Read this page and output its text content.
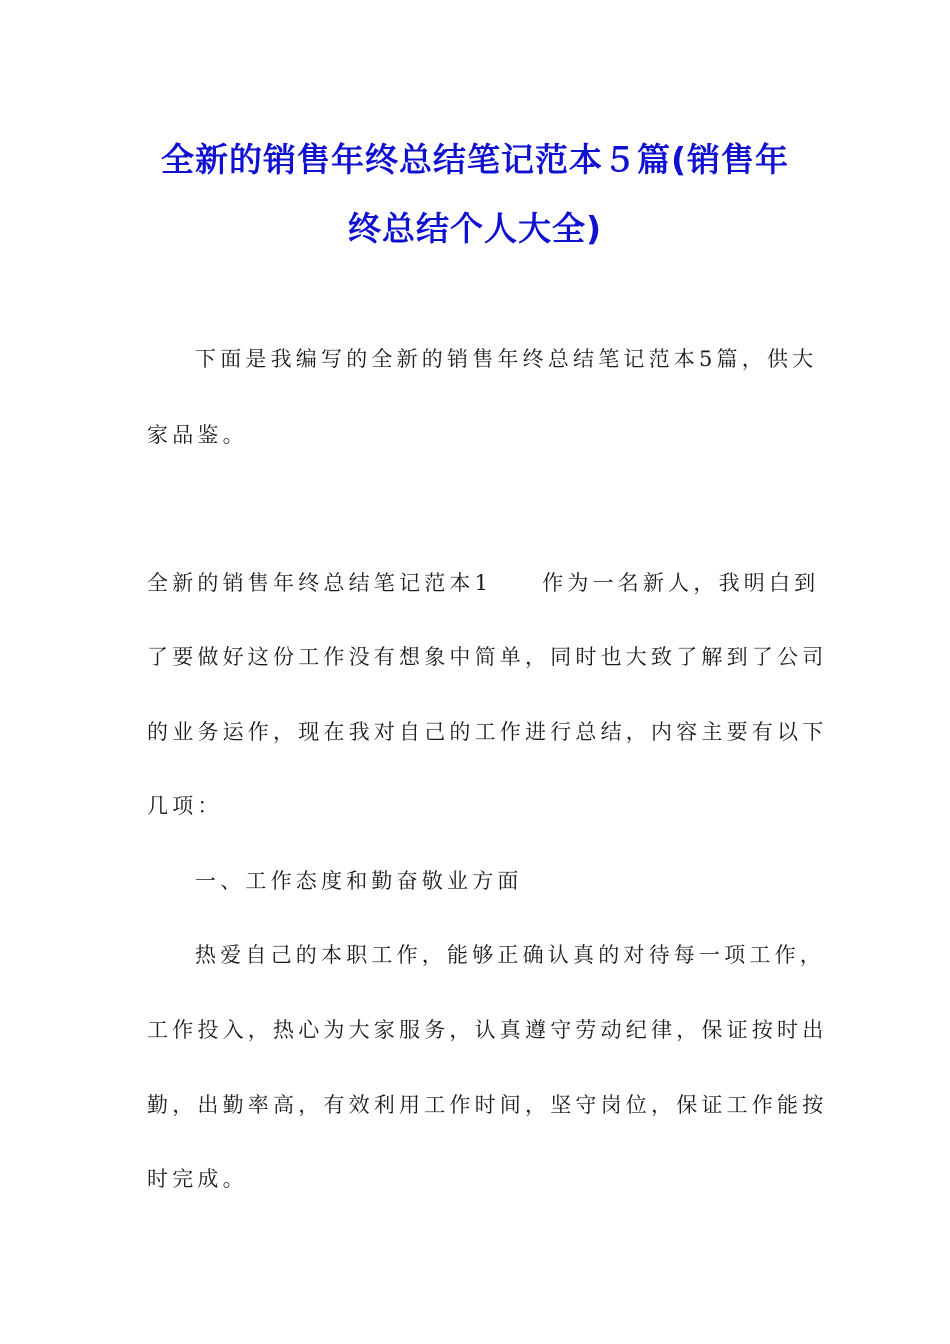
全新的销售年终总结笔记范本５篇(销售年
终总结个人大全)
下面是我编写的全新的销售年终总结笔记范本5篇，供大
家品鉴。
全新的销售年终总结笔记范本1 作为一名新人，我明白到
了要做好这份工作没有想象中简单，同时也大致了解到了公司
的业务运作，现在我对自己的工作进行总结，内容主要有以下
几项：
一、工作态度和勤奋敬业方面
热爱自己的本职工作，能够正确认真的对待每一项工作，
工作投入，热心为大家服务，认真遵守劳动纪律，保证按时出
勤，出勤率高，有效利用工作时间，坚守岗位，保证工作能按
时完成。
